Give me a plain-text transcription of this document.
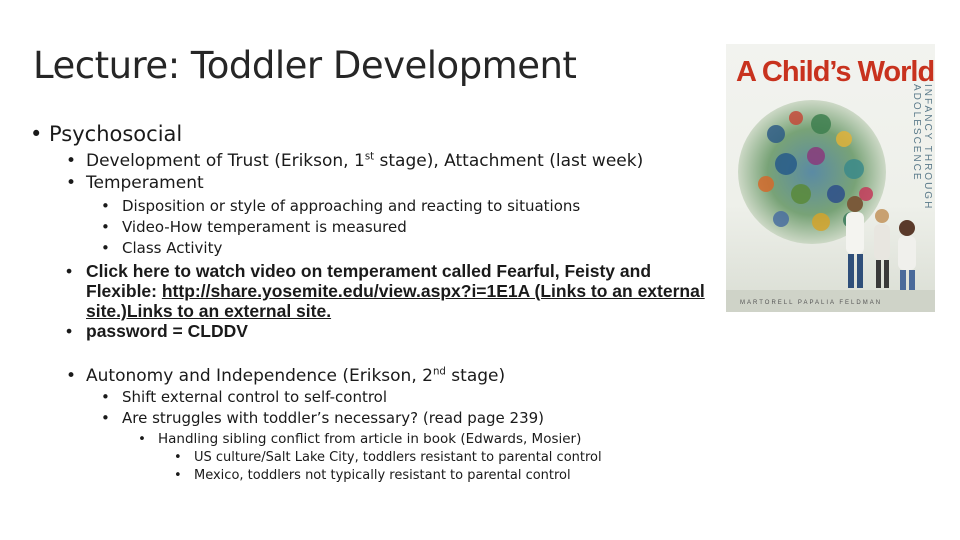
Lecture: Toddler Development
• Psychosocial
• Development of Trust (Erikson, 1st stage), Attachment (last week)
• Temperament
• Disposition or style of approaching and reacting to situations
• Video-How temperament is measured
• Class Activity
• Click here to watch video on temperament called Fearful, Feisty and
Flexible: http://share.yosemite.edu/view.aspx?i=1E1A (Links to an external
site.)Links to an external site.
• password = CLDDV
• Autonomy and Independence (Erikson, 2nd stage)
• Shift external control to self-control
• Are struggles with toddler’s necessary? (read page 239)
• Handling sibling conflict from article in book (Edwards, Mosier)
• US culture/Salt Lake City, toddlers resistant to parental control
• Mexico, toddlers not typically resistant to parental control
A Child’s World
INFANCY THROUGH ADOLESCENCE
MARTORELL PAPALIA FELDMAN
